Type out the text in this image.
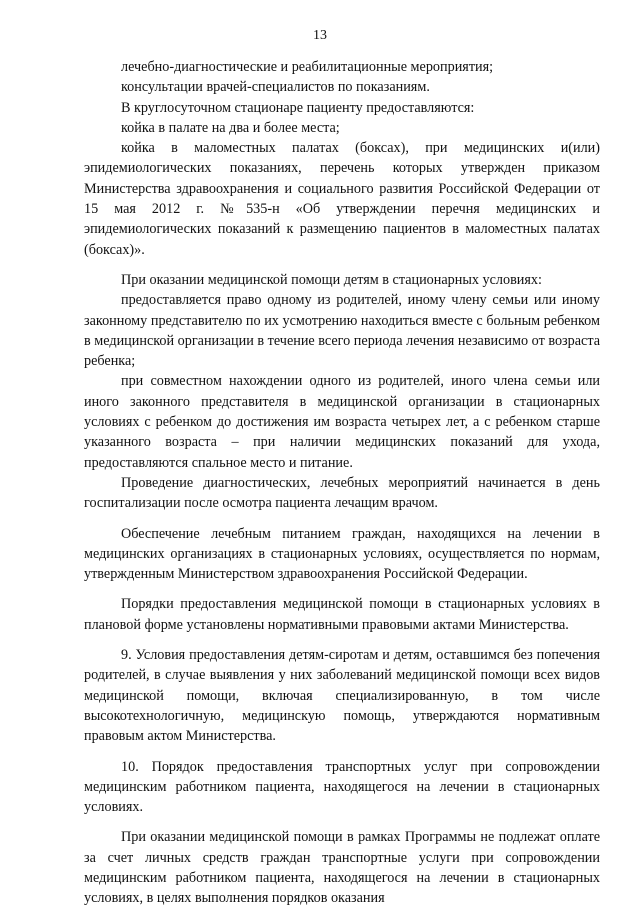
13

лечебно-диагностические и реабилитационные мероприятия;

консультации врачей-специалистов по показаниям.

В круглосуточном стационаре пациенту предоставляются:

койка в палате на два и более места;

койка в маломестных палатах (боксах), при медицинских и(или) эпидемиологических показаниях, перечень которых утвержден приказом Министерства здравоохранения и социального развития Российской Федерации от 15 мая 2012 г. №535-н «Об утверждении перечня медицинских и эпидемиологических показаний к размещению пациентов в маломестных палатах (боксах)».

При оказании медицинской помощи детям в стационарных условиях:

предоставляется право одному из родителей, иному члену семьи или иному законному представителю по их усмотрению находиться вместе с больным ребенком в медицинской организации в течение всего периода лечения независимо от возраста ребенка;

при совместном нахождении одного из родителей, иного члена семьи или иного законного представителя в медицинской организации в стационарных условиях с ребенком до достижения им возраста четырех лет, а с ребенком старше указанного возраста – при наличии медицинских показаний для ухода, предоставляются спальное место и питание.

Проведение диагностических, лечебных мероприятий начинается в день госпитализации после осмотра пациента лечащим врачом.

Обеспечение лечебным питанием граждан, находящихся на лечении в медицинских организациях в стационарных условиях, осуществляется по нормам, утвержденным Министерством здравоохранения Российской Федерации.

Порядки предоставления медицинской помощи в стационарных условиях в плановой форме установлены нормативными правовыми актами Министерства.

9. Условия предоставления детям-сиротам и детям, оставшимся без попечения родителей, в случае выявления у них заболеваний медицинской помощи всех видов медицинской помощи, включая специализированную, в том числе высокотехнологичную, медицинскую помощь, утверждаются нормативным правовым актом Министерства.

10. Порядок предоставления транспортных услуг при сопровождении медицинским работником пациента, находящегося на лечении в стационарных условиях.

При оказании медицинской помощи в рамках Программы не подлежат оплате за счет личных средств граждан транспортные услуги при сопровождении медицинским работником пациента, находящегося на лечении в стационарных условиях, в целях выполнения порядков оказания
